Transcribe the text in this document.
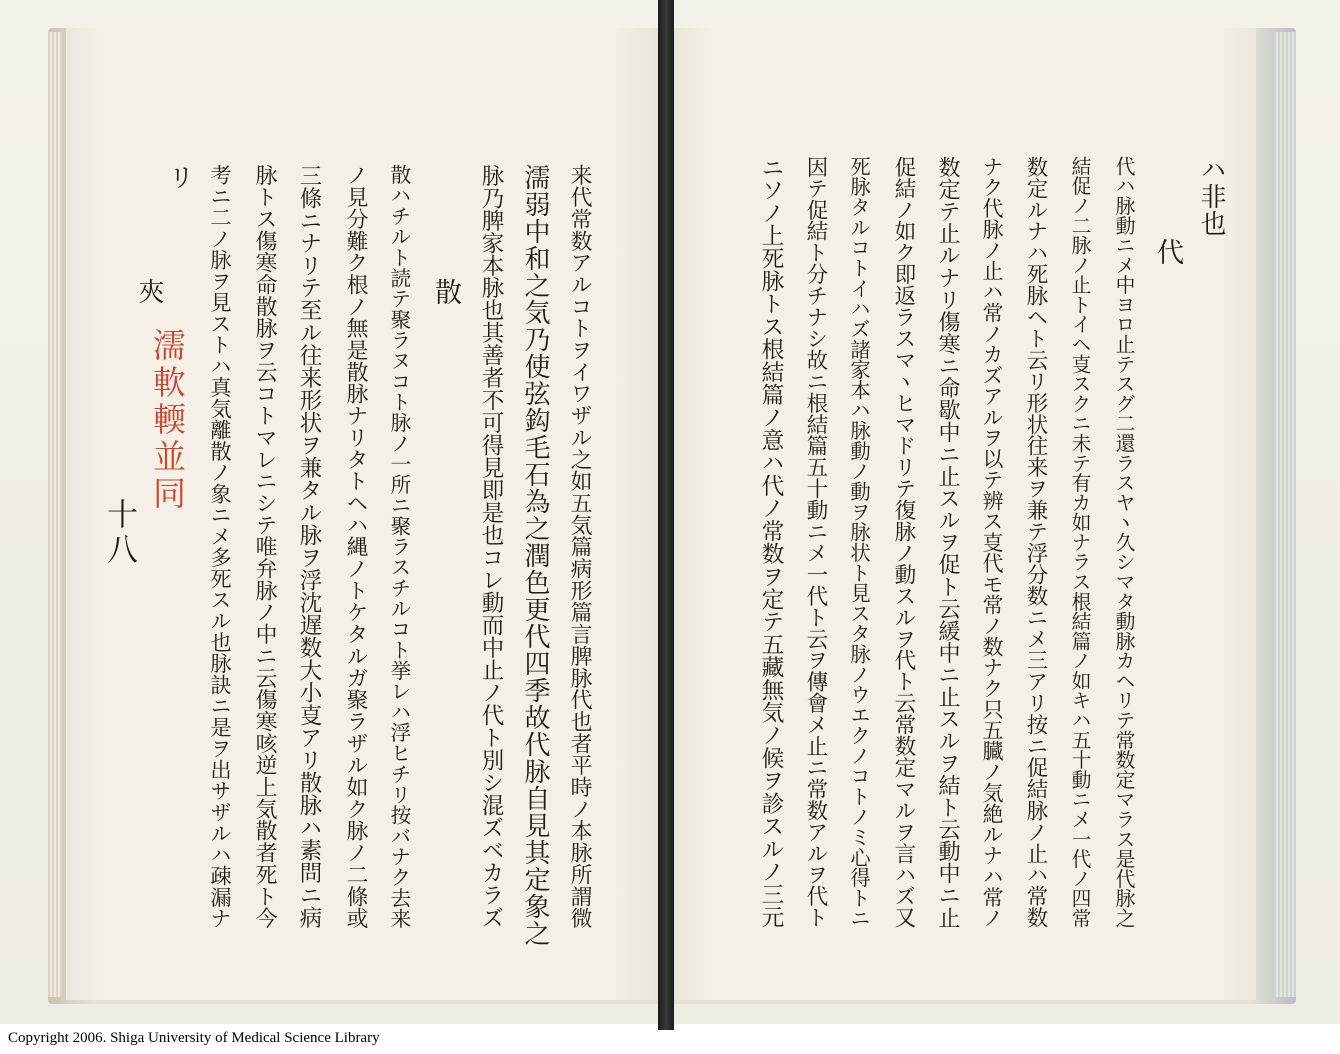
十八
濡軟輭並同
夾
リ 考ニ二ノ脉ヲ見ストハ真気離散ノ象ニメ多死スル也脉訣ニ是ヲ出サザルハ疎漏ナ 脉トス傷寒命散脉ヲ云コトマレニシテ唯弁脉ノ中ニ云傷寒咳逆上気散者死ト今 三條ニナリテ至ル往来形状ヲ兼タル脉ヲ浮沈遅数大小㕝アリ散脉ハ素問ニ病 ノ見分難ク根ノ無是散脉ナリタトヘハ縄ノトケタルガ聚ラザル如ク脉ノ二條或 散ハチルト読テ聚ラヌコト脉ノ一所ニ聚ラスチルコト挙レハ浮ヒチリ按バナク去来 散 脉乃脾家本脉也其善者不可得見即是也コレ動而中止ノ代ト別シ混ズベカラズ 濡弱中和之気乃使弦鈎毛石為之潤色更代四季故代脉自見其定象之 来代常数アルコトヲイワザル之如五気篇病形篇言脾脉代也者平時ノ本脉所謂微	ニソノ上死脉トス根結篇ノ意ハ代ノ常数ヲ定テ五藏無気ノ候ヲ診スルノ三元 因テ促結ト分チナシ故ニ根結篇五十動ニメ一代ト云ヲ傳會メ止ニ常数アルヲ代ト 死脉タルコトイハズ諸家本ハ脉動ノ動ヲ脉状ト見スタ脉ノウエクノコトノミ心得トニ 促結ノ如ク即返ラスマヽヒマドリテ復脉ノ動スルヲ代ト云常数定マルヲ言ハズ又 数定テ止ルナリ傷寒ニ命歇中ニ止スルヲ促ト云緩中ニ止スルヲ結ト云動中ニ止 ナク代脉ノ止ハ常ノカズアルヲ以テ辨ス㕝代モ常ノ数ナク只五臓ノ気絶ルナハ常ノ 数定ルナハ死脉ヘト云リ形状往来ヲ兼テ浮分数ニメ三アリ按ニ促結脉ノ止ハ常数	結促ノ二脉ノ止トイヘ㕝スクニ未テ有カ如ナラス根結篇ノ如キハ五十動ニメ一代ノ四常	代ハ脉動ニメ中ヨロ止テスグ二還ラスヤヽ久シマタ動脉カヘリテ常数定マラス是代脉之 代
ハ非也
Copyright 2006. Shiga University of Medical Science Library
